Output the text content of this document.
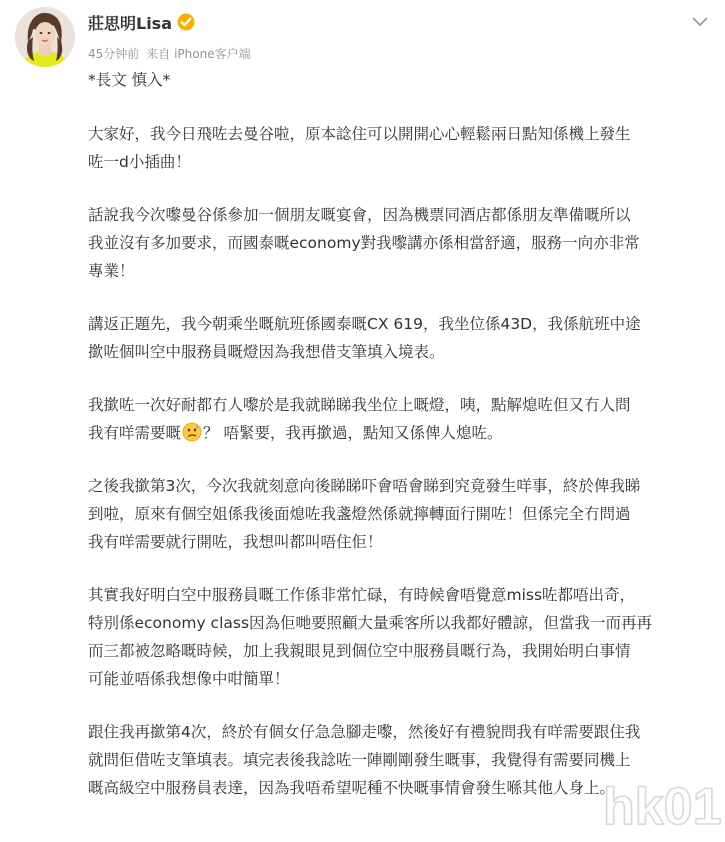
莊思明Lisa
45分钟前 来自 iPhone客户端

*長文 慎入*

大家好，我今日飛咗去曼谷啦，原本諗住可以開開心心輕鬆兩日點知係機上發生
咗一d小插曲！

話說我今次嚟曼谷係參加一個朋友嘅宴會，因為機票同酒店都係朋友準備嘅所以
我並沒有多加要求，而國泰嘅economy對我嚟講亦係相當舒適，服務一向亦非常
專業！

講返正題先，我今朝乘坐嘅航班係國泰嘅CX 619，我坐位係43D，我係航班中途
撳咗個叫空中服務員嘅燈因為我想借支筆填入境表。

我撳咗一次好耐都冇人嚟於是我就睇睇我坐位上嘅燈，咦，點解熄咗但又冇人問
我有咩需要嘅 ？ 唔緊要，我再撳過，點知又係俾人熄咗。

之後我撳第3次，今次我就刻意向後睇睇吓會唔會睇到究竟發生咩事，終於俾我睇
到啦，原來有個空姐係我後面熄咗我盞燈然係就擰轉面行開咗！但係完全冇問過
我有咩需要就行開咗，我想叫都叫唔住佢！

其實我好明白空中服務員嘅工作係非常忙碌，有時候會唔覺意miss咗都唔出奇，
特別係economy class因為佢哋要照顧大量乘客所以我都好體諒，但當我一而再再
而三都被忽略嘅時候，加上我親眼見到個位空中服務員嘅行為，我開始明白事情
可能並唔係我想像中咁簡單！

跟住我再撳第4次，終於有個女仔急急腳走嚟，然後好有禮貌問我有咩需要跟住我
就問佢借咗支筆填表。填完表後我諗咗一陣剛剛發生嘅事，我覺得有需要同機上
嘅高級空中服務員表達，因為我唔希望呢種不快嘅事情會發生喺其他人身上。

hk01
